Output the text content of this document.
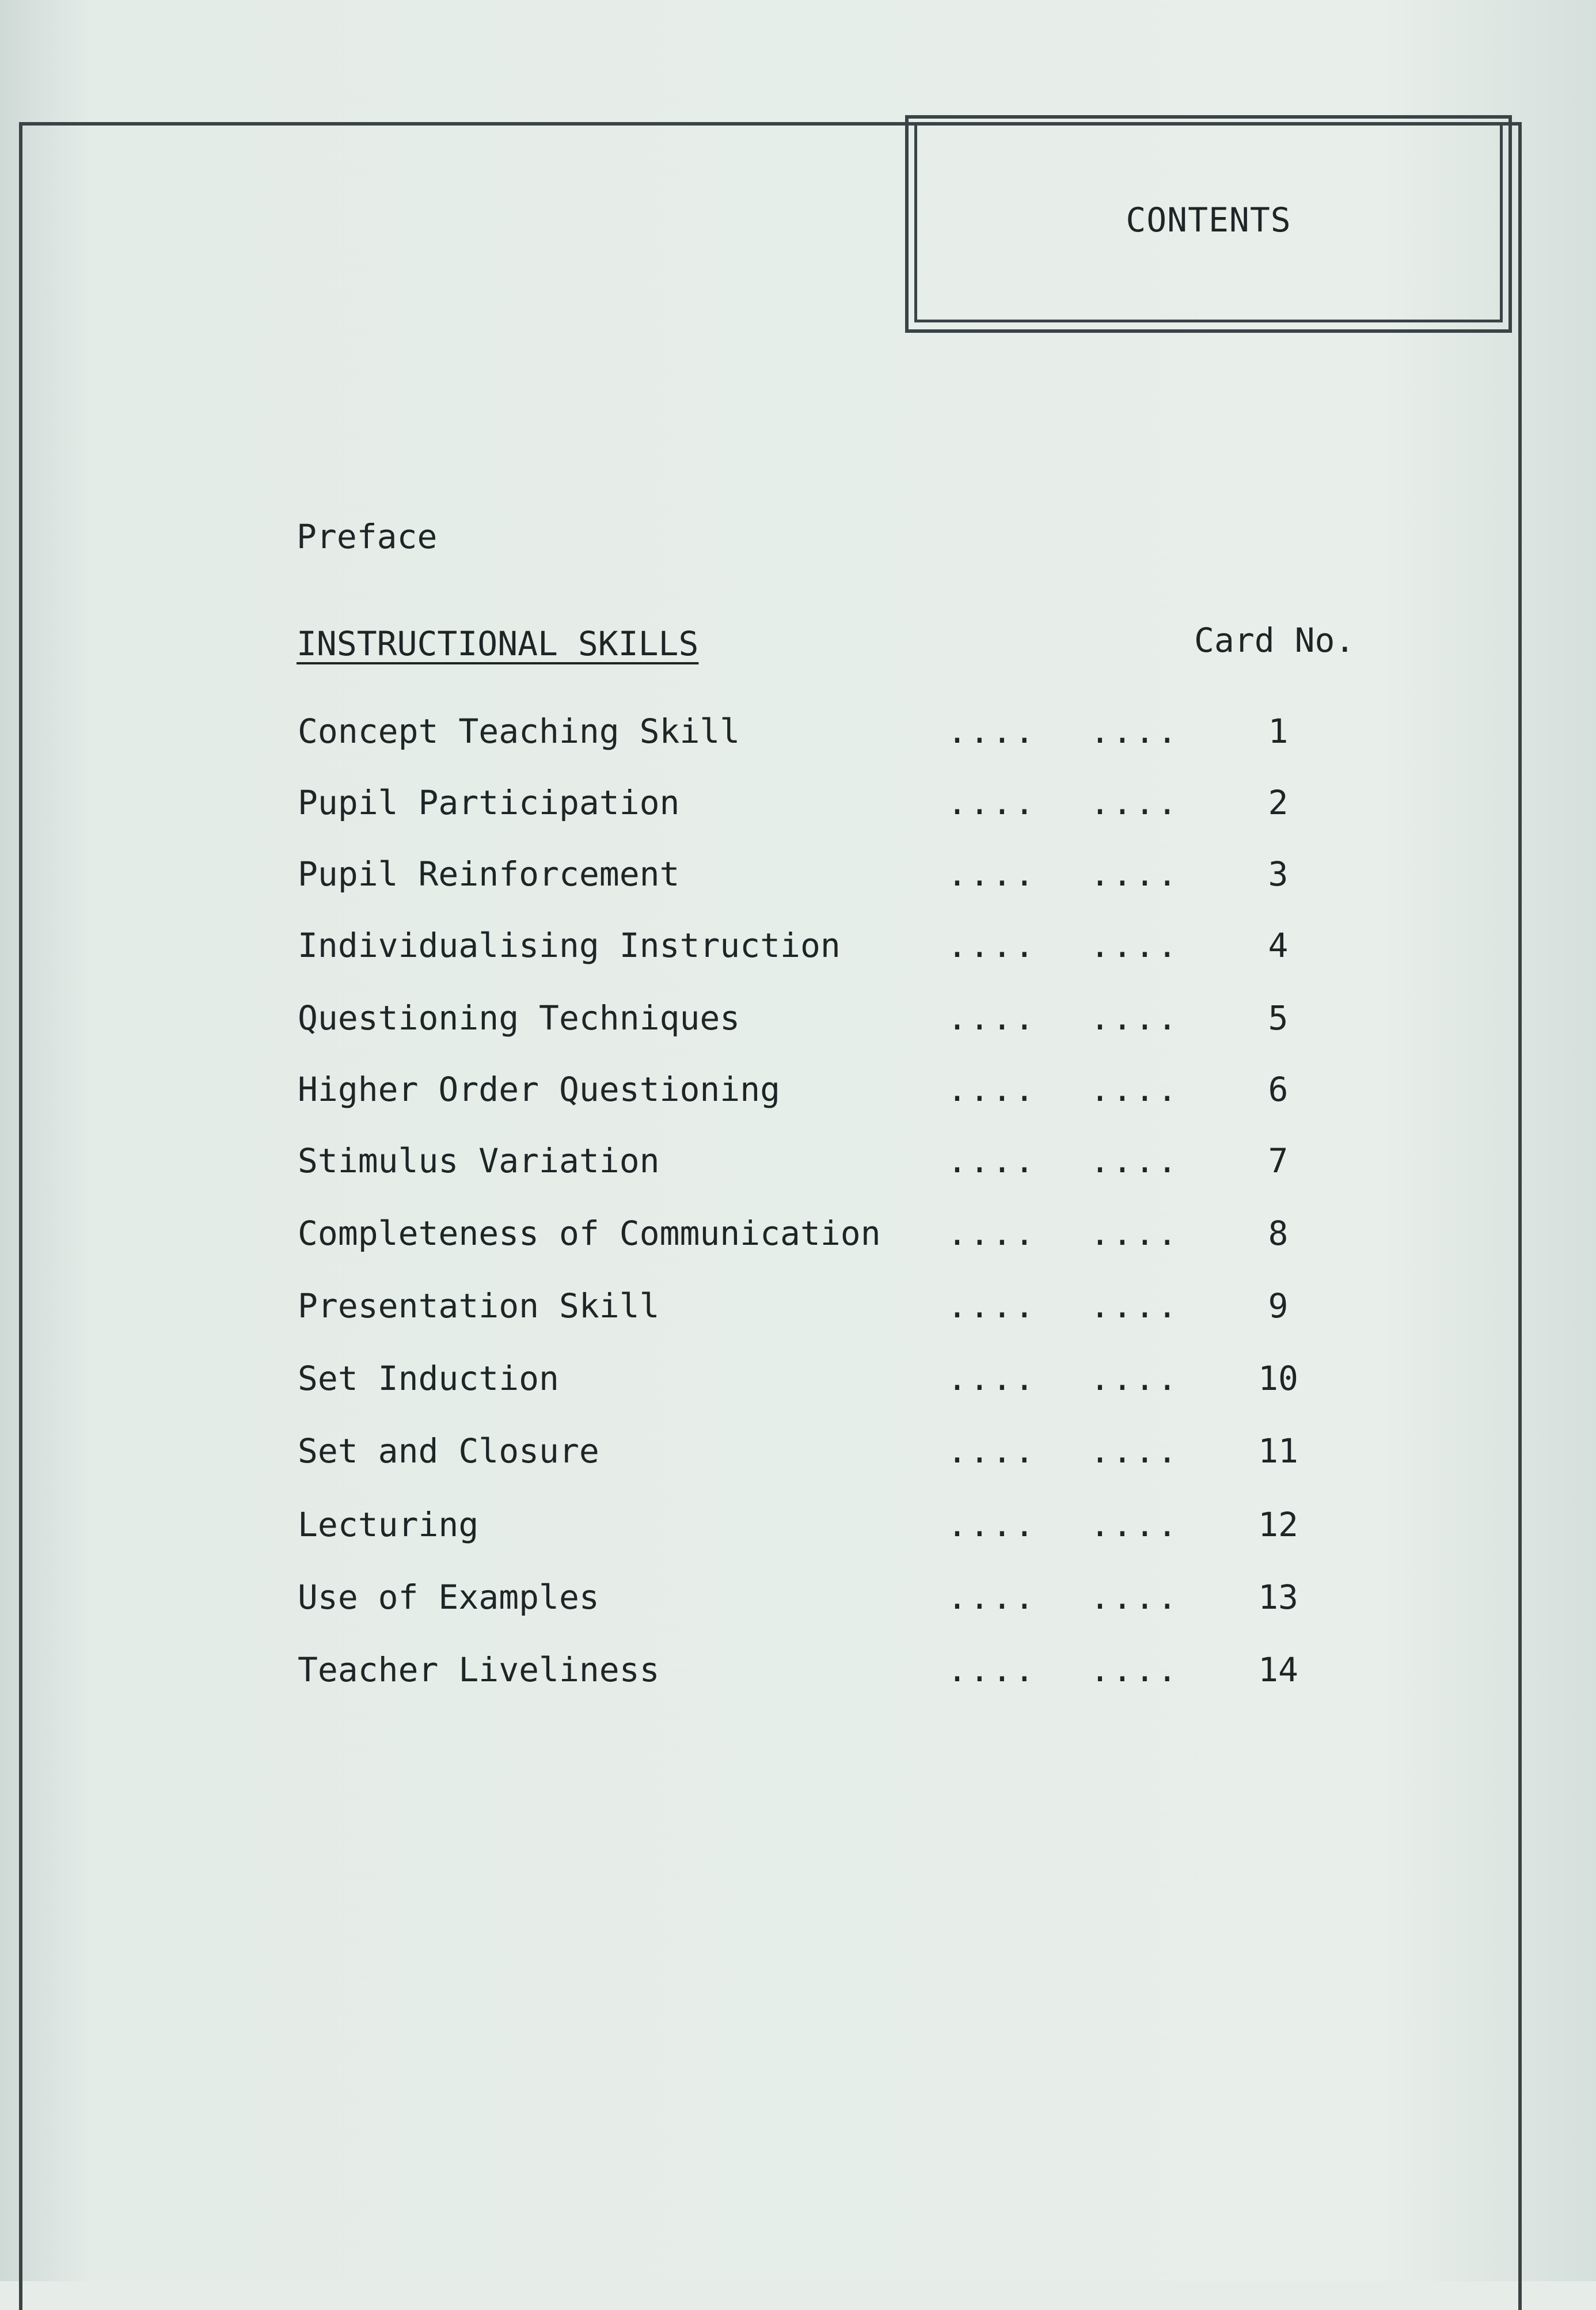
CONTENTS
Preface
INSTRUCTIONAL SKILLS	Card No.
Concept Teaching Skill	.... ....	1
Pupil Participation	.... ....	2
Pupil Reinforcement	.... ....	3
Individualising Instruction	.... ....	4
Questioning Techniques	.... ....	5
Higher Order Questioning	.... ....	6
Stimulus Variation	.... ....	7
Completeness of Communication .... ....	8
Presentation Skill	.... ....	9
Set Induction	.... ....	10
Set and Closure	.... ....	11
Lecturing	.... ....	12
Use of Examples	.... ....	13
Teacher Liveliness	.... ....	14
